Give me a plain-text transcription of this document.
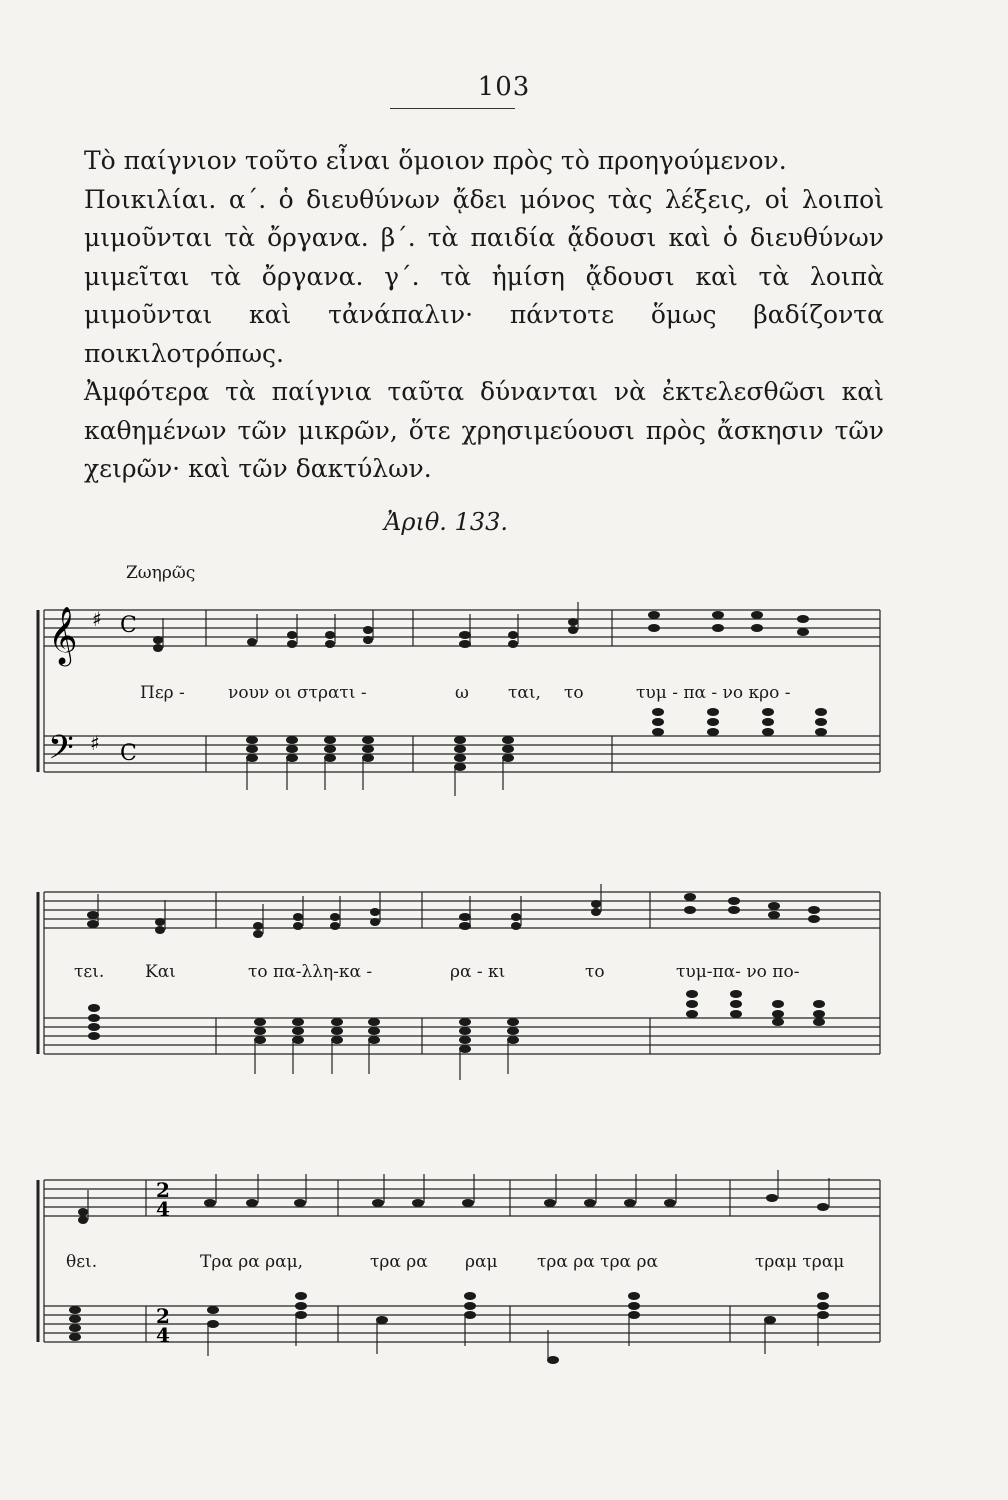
103

Τὸ παίγνιον τοῦτο εἶναι ὅμοιον πρὸς τὸ προηγούμενον.

Ποικιλίαι. α΄. ὁ διευθύνων ᾄδει μόνος τὰς λέξεις, οἱ λοιποὶ μιμοῦνται τὰ ὄργανα. β΄. τὰ παιδία ᾄδουσι καὶ ὁ διευθύνων μιμεῖται τὰ ὄργανα. γ΄. τὰ ἡμίση ᾄδουσι καὶ τὰ λοιπὰ μιμοῦνται καὶ τἀνάπαλιν· πάντοτε ὅμως βαδίζοντα ποικιλοτρόπως.

Ἀμφότερα τὰ παίγνια ταῦτα δύνανται νὰ ἐκτελεσθῶσι καὶ καθημένων τῶν μικρῶν, ὅτε χρησιμεύουσι πρὸς ἄσκησιν τῶν χειρῶν· καὶ τῶν δακτύλων.

Ἀριθ. 133.
Ζωηρῶς
𝄞 ♯
𝄢 ♯
C
C
Περ -	νουν οι στρατι -	ω ται, το	τυμ - πα - νο κρο -
τει. Και	το πα-λλη-κα -	ρα - κι	το	τυμ-πα- νο πο-
2
4
2
4
θει.	Τρα ρα ραμ,	τρα ρα ραμ τρα ρα τρα ρα	τραμ τραμ
